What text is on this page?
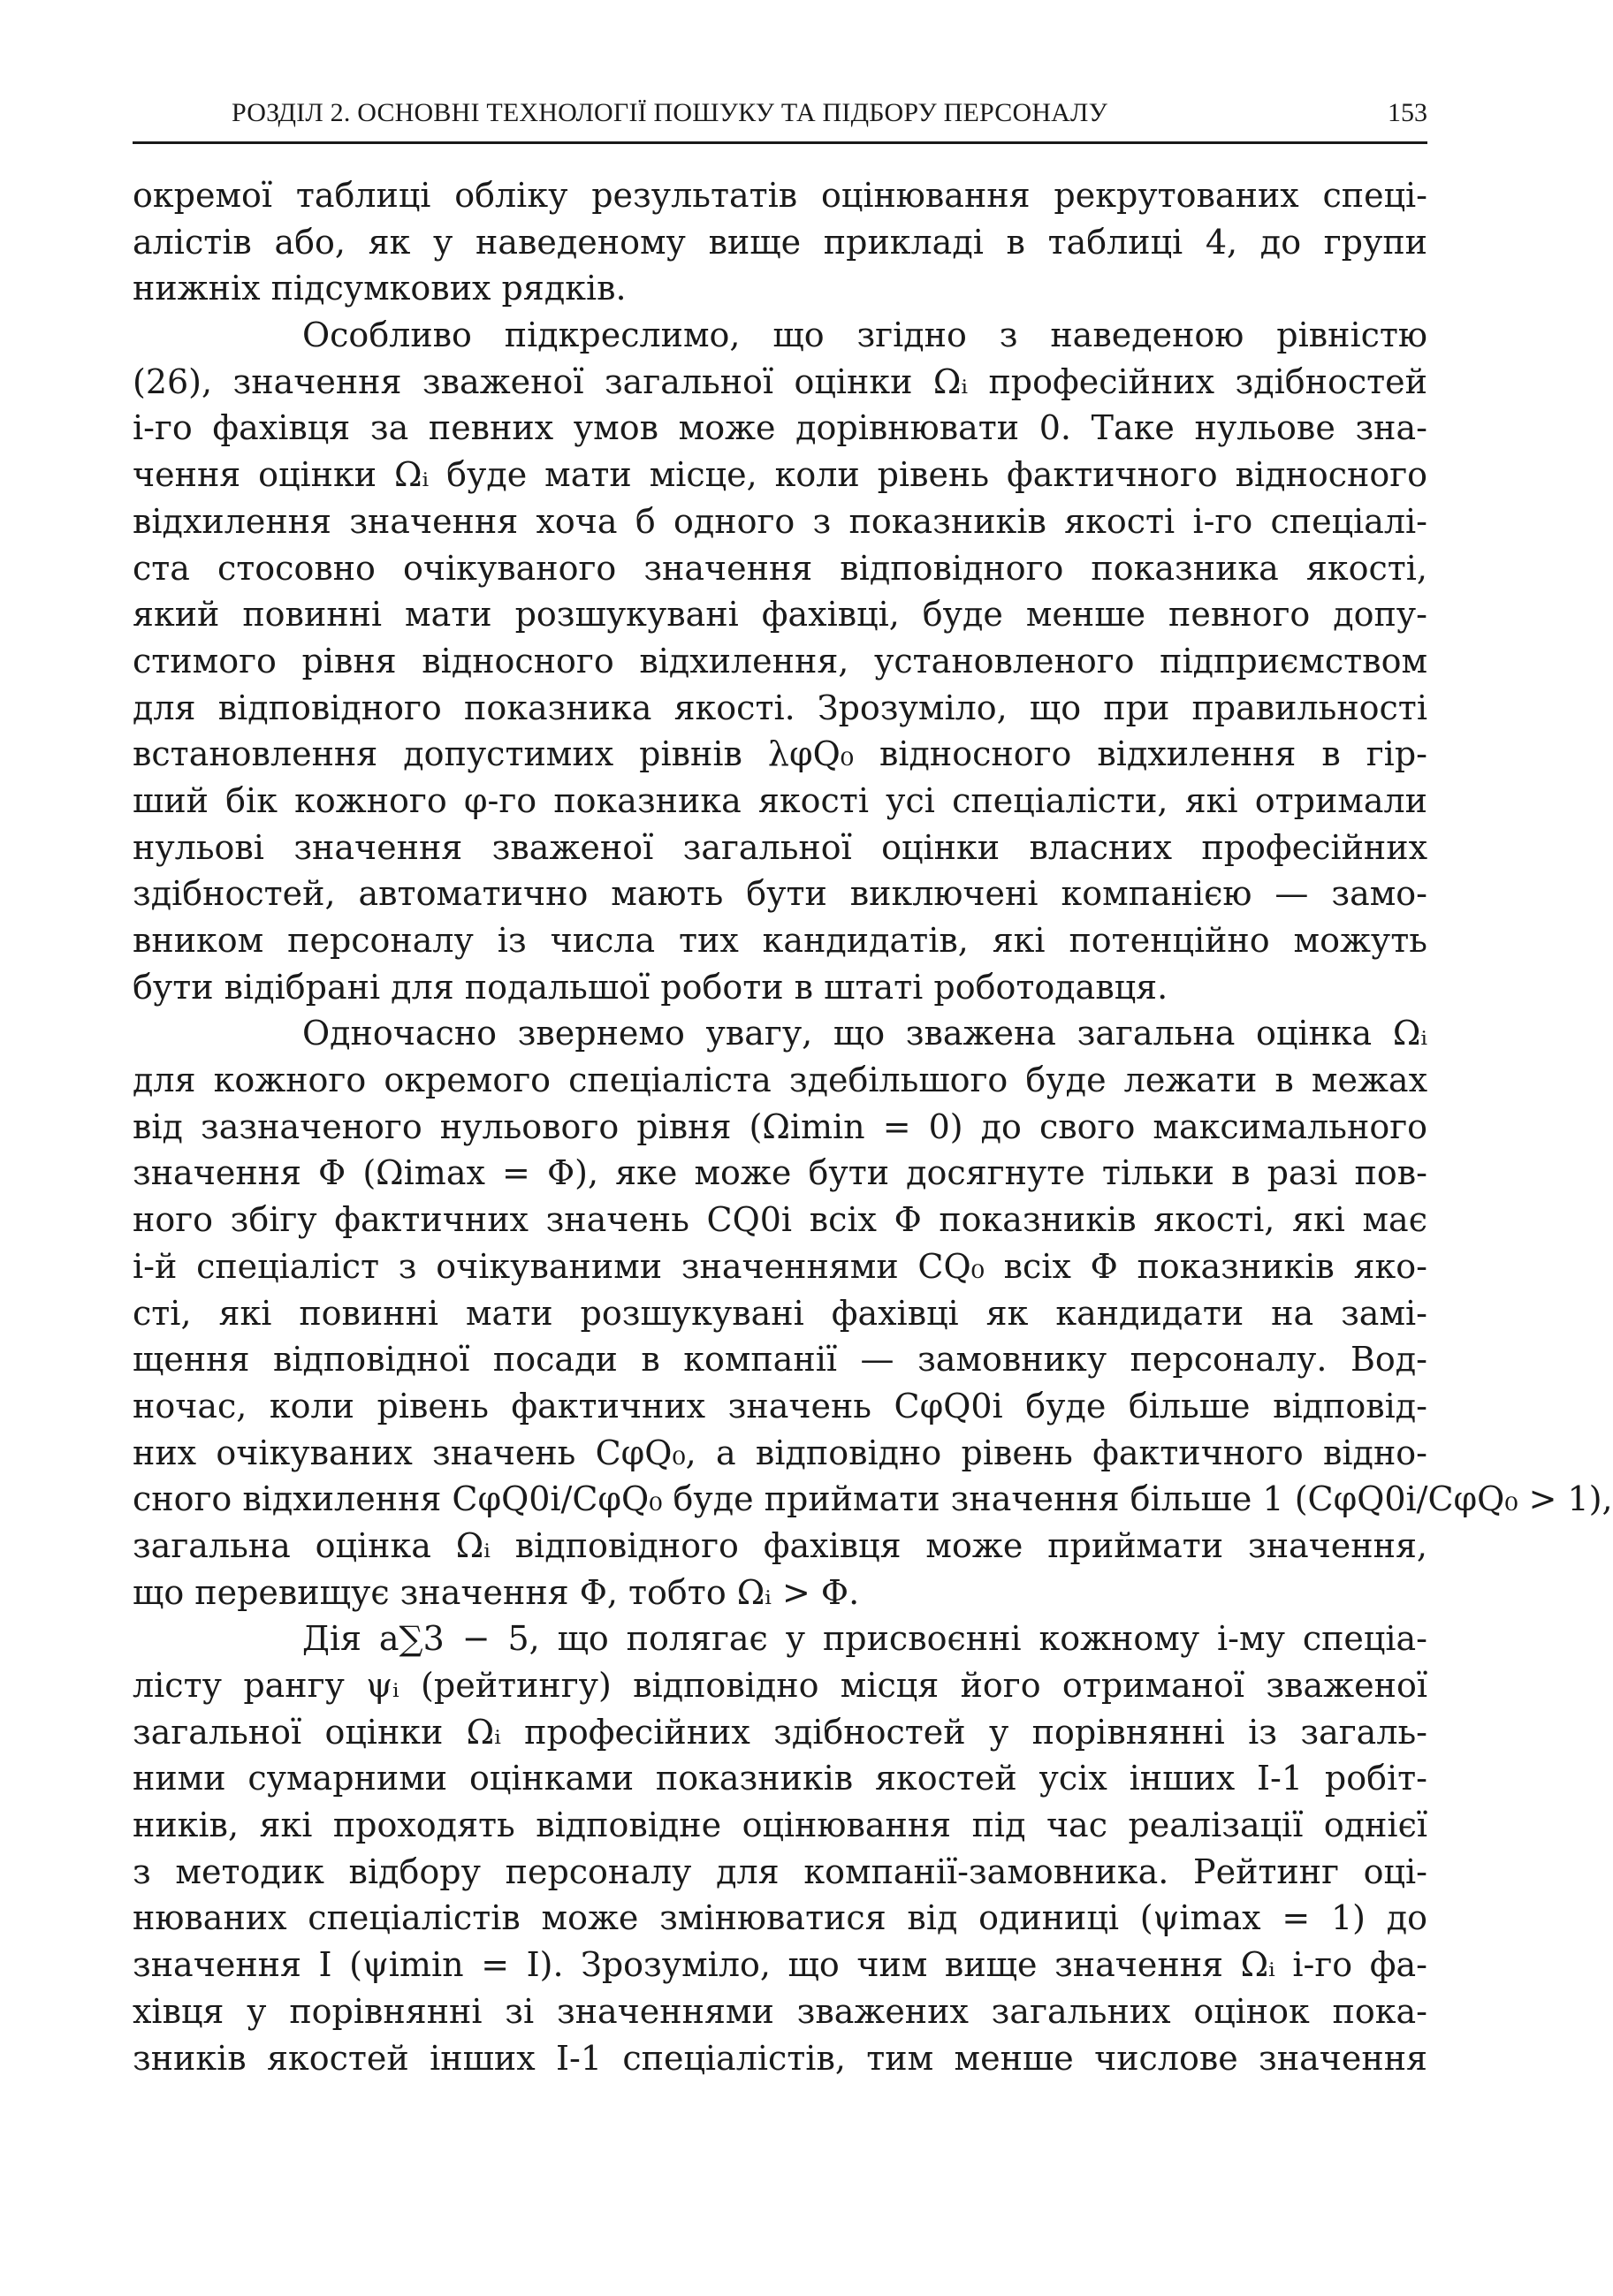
РОЗДІЛ 2. ОСНОВНІ ТЕХНОЛОГІЇ ПОШУКУ ТА ПІДБОРУ ПЕРСОНАЛУ	153
окремої таблиці обліку результатів оцінювання рекрутованих спеці-
алістів або, як у наведеному вище прикладі в таблиці 4, до групи
нижніх підсумкових рядків.
Особливо підкреслимо, що згідно з наведеною рівністю
(26), значення зваженої загальної оцінки Ωᵢ професійних здібностей
і-го фахівця за певних умов може дорівнювати 0. Таке нульове зна-
чення оцінки Ωᵢ буде мати місце, коли рівень фактичного відносного
відхилення значення хоча б одного з показників якості і-го спеціалі-
ста стосовно очікуваного значення відповідного показника якості,
який повинні мати розшукувані фахівці, буде менше певного допу-
стимого рівня відносного відхилення, установленого підприємством
для відповідного показника якості. Зрозуміло, що при правильності
встановлення допустимих рівнів λφQ₀ відносного відхилення в гір-
ший бік кожного φ-го показника якості усі спеціалісти, які отримали
нульові значення зваженої загальної оцінки власних професійних
здібностей, автоматично мають бути виключені компанією — замо-
вником персоналу із числа тих кандидатів, які потенційно можуть
бути відібрані для подальшої роботи в штаті роботодавця.
Одночасно звернемо увагу, що зважена загальна оцінка Ωᵢ
для кожного окремого спеціаліста здебільшого буде лежати в межах
від зазначеного нульового рівня (Ωimin = 0) до свого максимального
значення Φ (Ωimax = Φ), яке може бути досягнуте тільки в разі пов-
ного збігу фактичних значень CQ0i всіх Φ показників якості, які має
і-й спеціаліст з очікуваними значеннями CQ₀ всіх Φ показників яко-
сті, які повинні мати розшукувані фахівці як кандидати на замі-
щення відповідної посади в компанії — замовнику персоналу. Вод-
ночас, коли рівень фактичних значень CφQ0i буде більше відповід-
них очікуваних значень CφQ₀, а відповідно рівень фактичного відно-
сного відхилення CφQ0i/CφQ₀ буде приймати значення більше 1 (CφQ0i/CφQ₀ > 1),
загальна оцінка Ωᵢ відповідного фахівця може приймати значення,
що перевищує значення Φ, тобто Ωᵢ > Φ.
Дія a∑3 − 5, що полягає у присвоєнні кожному і-му спеціа-
лісту рангу ψᵢ (рейтингу) відповідно місця його отриманої зваженої
загальної оцінки Ωᵢ професійних здібностей у порівнянні із загаль-
ними сумарними оцінками показників якостей усіх інших I-1 робіт-
ників, які проходять відповідне оцінювання під час реалізації однієї
з методик відбору персоналу для компанії-замовника. Рейтинг оці-
нюваних спеціалістів може змінюватися від одиниці (ψimax = 1) до
значення I (ψimin = I). Зрозуміло, що чим вище значення Ωᵢ і-го фа-
хівця у порівнянні зі значеннями зважених загальних оцінок пока-
зників якостей інших I-1 спеціалістів, тим менше числове значення
